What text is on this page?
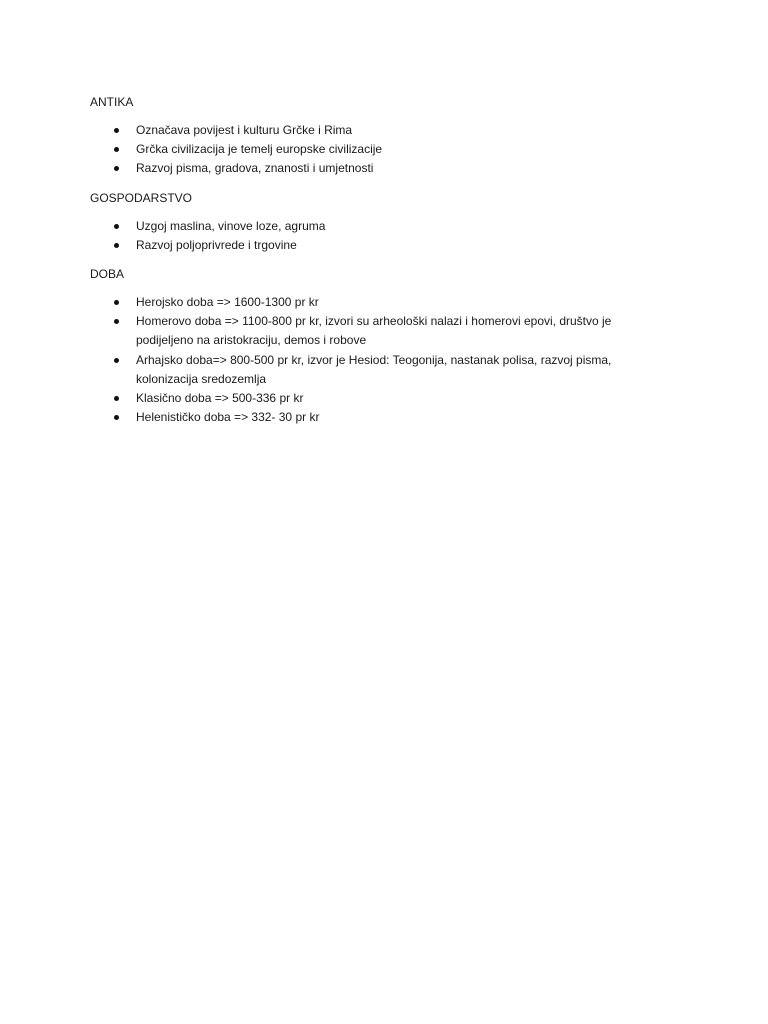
ANTIKA
Označava povijest i kulturu Grčke i Rima
Grčka civilizacija je temelj europske civilizacije
Razvoj pisma, gradova, znanosti i umjetnosti
GOSPODARSTVO
Uzgoj maslina, vinove loze, agruma
Razvoj poljoprivrede i trgovine
DOBA
Herojsko doba => 1600-1300 pr kr
Homerovo doba => 1100-800 pr kr, izvori su arheološki nalazi i homerovi epovi, društvo je podijeljeno na aristokraciju, demos i robove
Arhajsko doba=> 800-500 pr kr, izvor je Hesiod: Teogonija, nastanak polisa, razvoj pisma, kolonizacija sredozemlja
Klasično doba => 500-336 pr kr
Helenističko doba => 332- 30 pr kr
